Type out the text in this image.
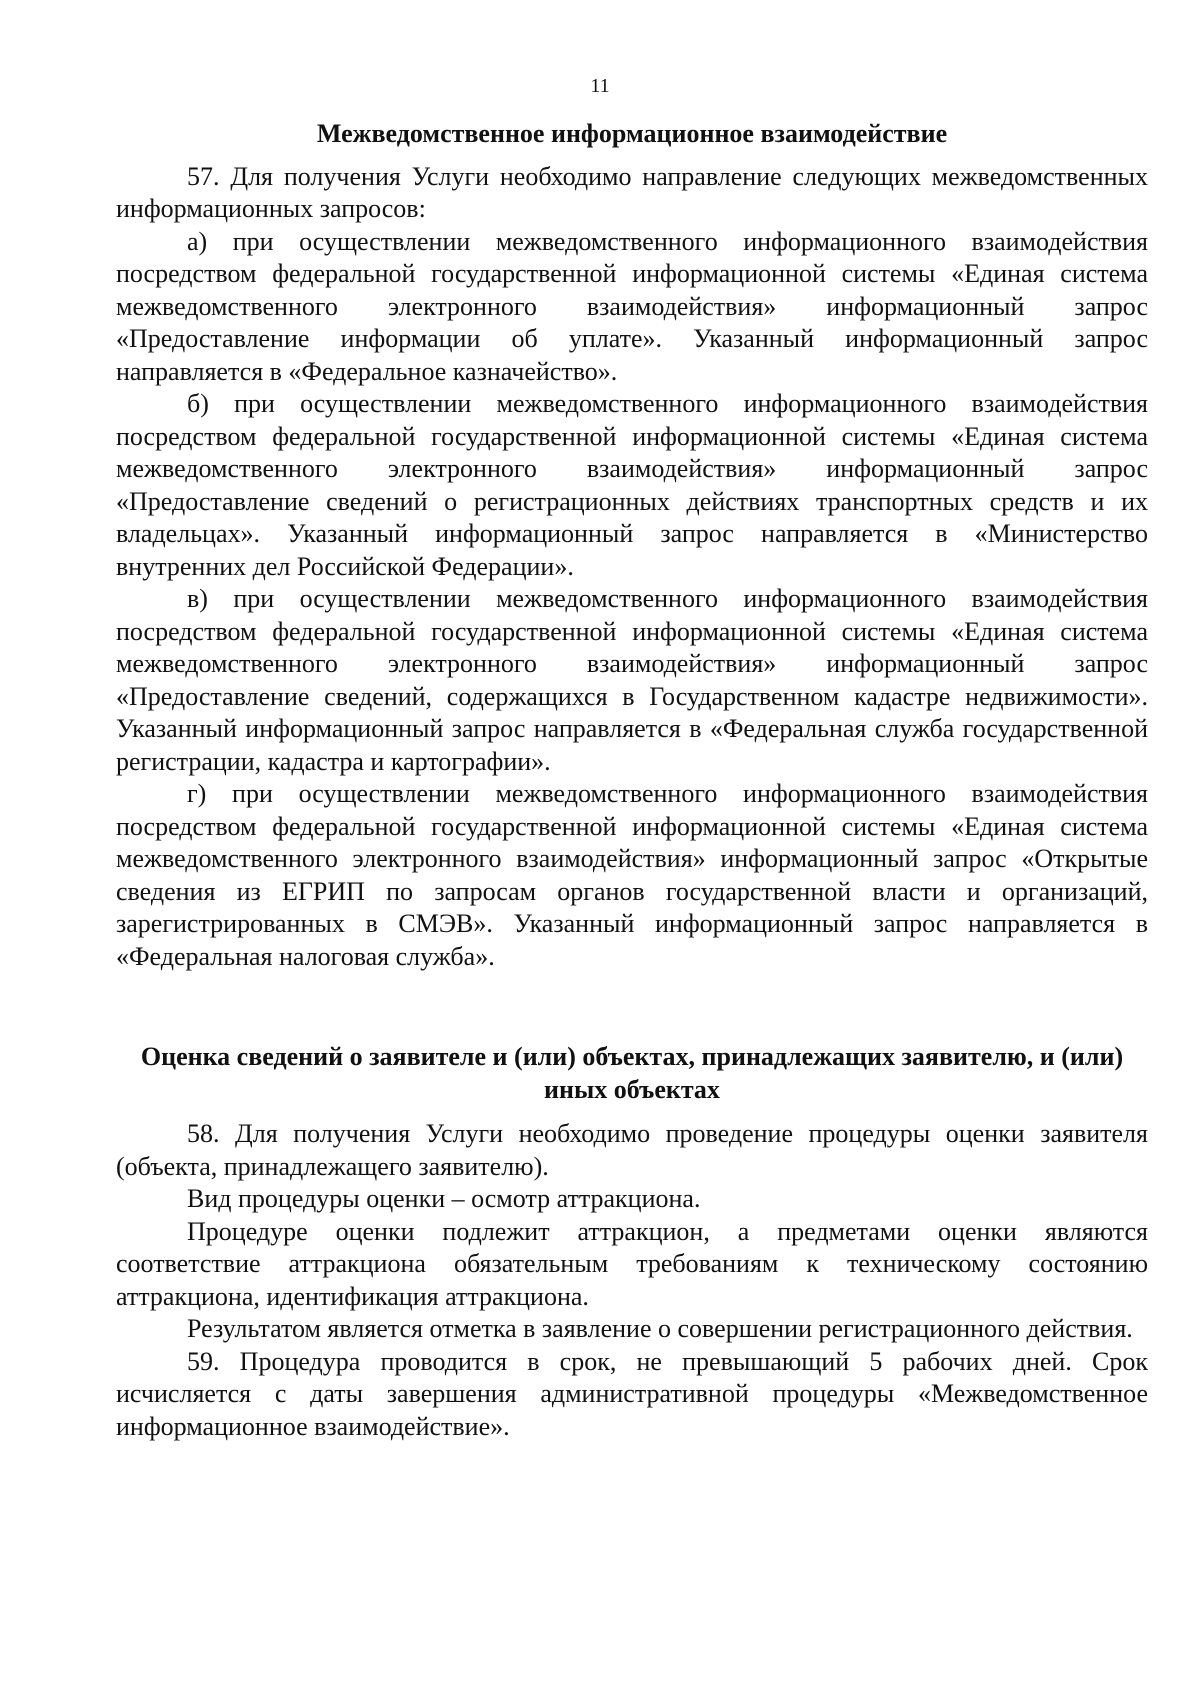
11
Межведомственное информационное взаимодействие

57. Для получения Услуги необходимо направление следующих межведомственных информационных запросов:

а) при осуществлении межведомственного информационного взаимодействия посредством федеральной государственной информационной системы «Единая система межведомственного электронного взаимодействия» информационный запрос «Предоставление информации об уплате». Указанный информационный запрос направляется в «Федеральное казначейство».

б) при осуществлении межведомственного информационного взаимодействия посредством федеральной государственной информационной системы «Единая система межведомственного электронного взаимодействия» информационный запрос «Предоставление сведений о регистрационных действиях транспортных средств и их владельцах». Указанный информационный запрос направляется в «Министерство внутренних дел Российской Федерации».

в) при осуществлении межведомственного информационного взаимодействия посредством федеральной государственной информационной системы «Единая система межведомственного электронного взаимодействия» информационный запрос «Предоставление сведений, содержащихся в Государственном кадастре недвижимости». Указанный информационный запрос направляется в «Федеральная служба государственной регистрации, кадастра и картографии».

г) при осуществлении межведомственного информационного взаимодействия посредством федеральной государственной информационной системы «Единая система межведомственного электронного взаимодействия» информационный запрос «Открытые сведения из ЕГРИП по запросам органов государственной власти и организаций, зарегистрированных в СМЭВ». Указанный информационный запрос направляется в «Федеральная налоговая служба».

Оценка сведений о заявителе и (или) объектах, принадлежащих заявителю, и (или) иных объектах

58. Для получения Услуги необходимо проведение процедуры оценки заявителя (объекта, принадлежащего заявителю).

Вид процедуры оценки – осмотр аттракциона.

Процедуре оценки подлежит аттракцион, а предметами оценки являются соответствие аттракциона обязательным требованиям к техническому состоянию аттракциона, идентификация аттракциона.

Результатом является отметка в заявление о совершении регистрационного действия.

59. Процедура проводится в срок, не превышающий 5 рабочих дней. Срок исчисляется с даты завершения административной процедуры «Межведомственное информационное взаимодействие».
